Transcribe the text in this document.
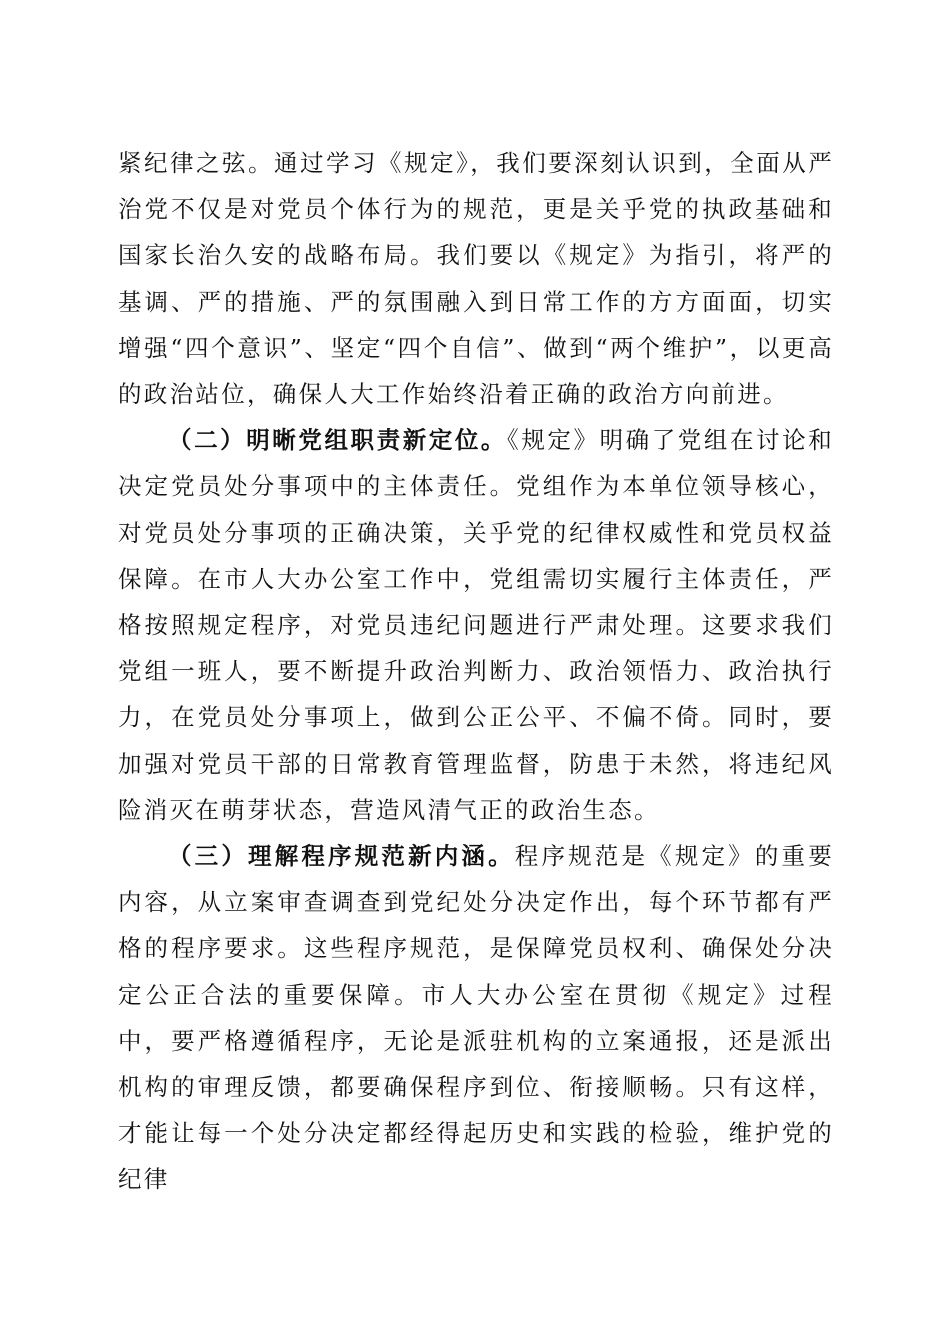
紧纪律之弦。通过学习《规定》，我们要深刻认识到，全面从严治党不仅是对党员个体行为的规范，更是关乎党的执政基础和国家长治久安的战略布局。我们要以《规定》为指引，将严的基调、严的措施、严的氛围融入到日常工作的方方面面，切实增强“四个意识”、坚定“四个自信”、做到“两个维护”，以更高的政治站位，确保人大工作始终沿着正确的政治方向前进。

（二）明晰党组职责新定位。《规定》明确了党组在讨论和决定党员处分事项中的主体责任。党组作为本单位领导核心，对党员处分事项的正确决策，关乎党的纪律权威性和党员权益保障。在市人大办公室工作中，党组需切实履行主体责任，严格按照规定程序，对党员违纪问题进行严肃处理。这要求我们党组一班人，要不断提升政治判断力、政治领悟力、政治执行力，在党员处分事项上，做到公正公平、不偏不倚。同时，要加强对党员干部的日常教育管理监督，防患于未然，将违纪风险消灭在萌芽状态，营造风清气正的政治生态。

（三）理解程序规范新内涵。程序规范是《规定》的重要内容，从立案审查调查到党纪处分决定作出，每个环节都有严格的程序要求。这些程序规范，是保障党员权利、确保处分决定公正合法的重要保障。市人大办公室在贯彻《规定》过程中，要严格遵循程序，无论是派驻机构的立案通报，还是派出机构的审理反馈，都要确保程序到位、衔接顺畅。只有这样，才能让每一个处分决定都经得起历史和实践的检验，维护党的纪律
